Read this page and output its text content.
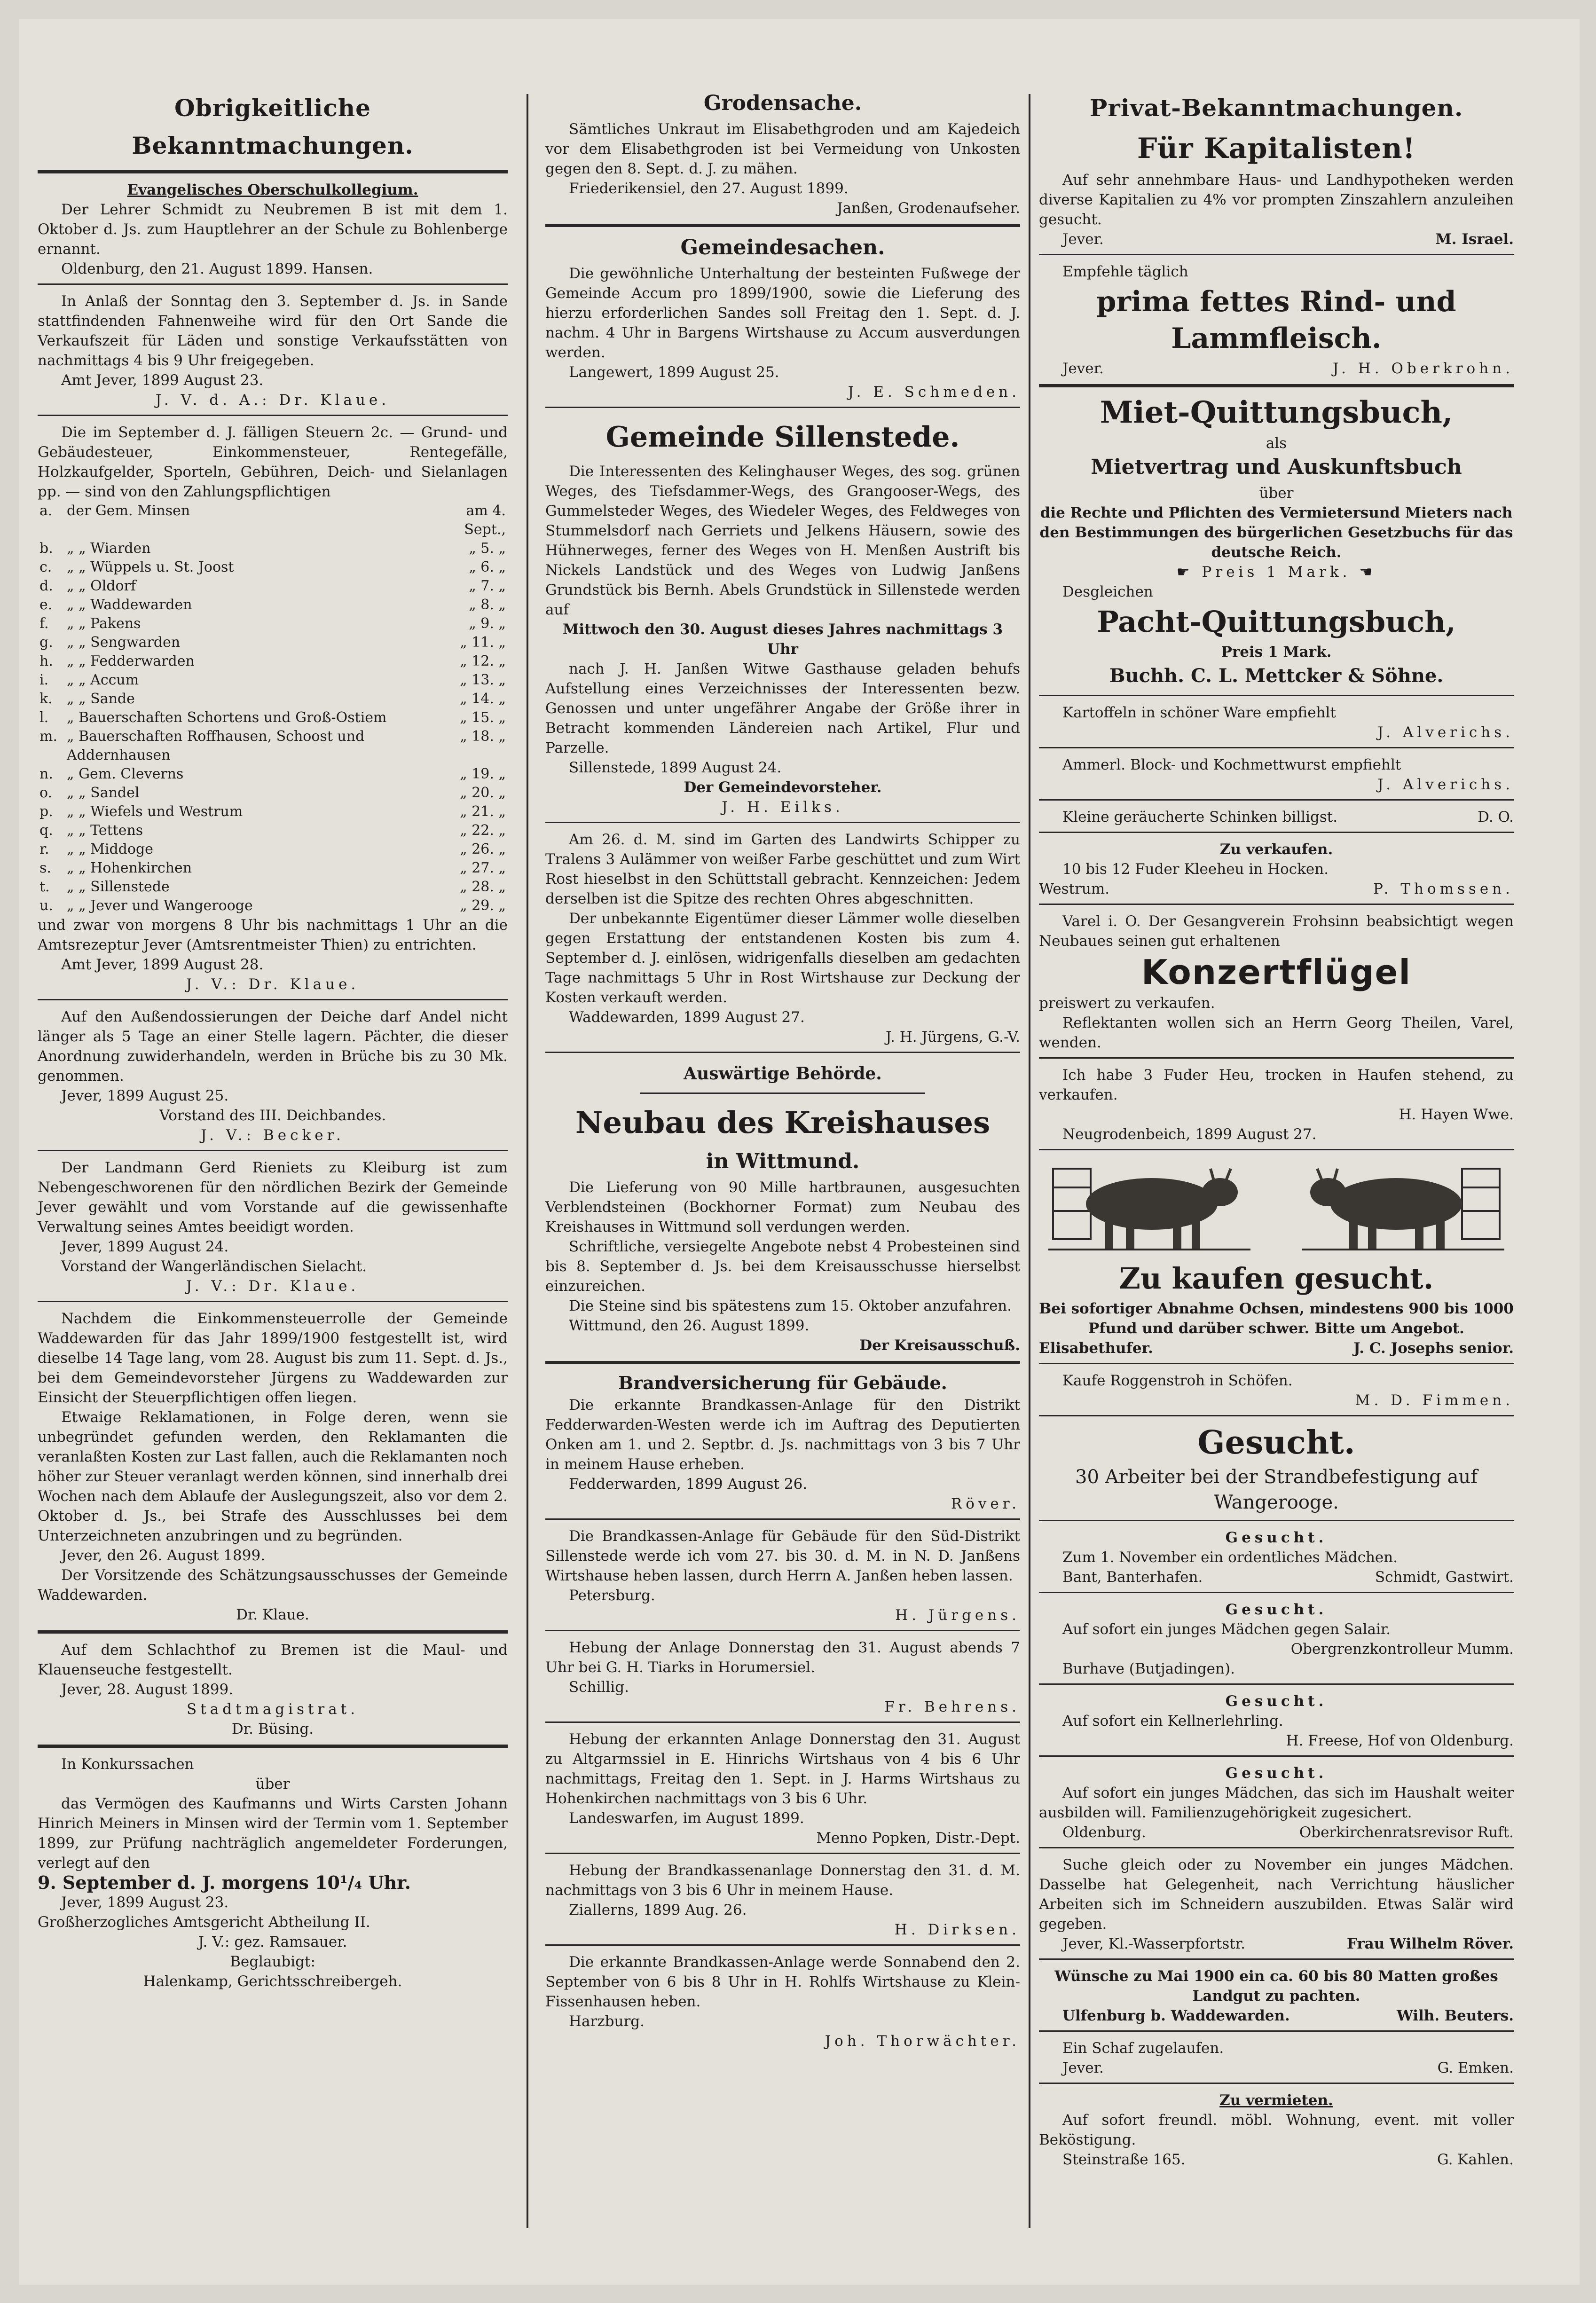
Obrigkeitliche Bekanntmachungen.
Evangelisches Oberschulkollegium.

Der Lehrer Schmidt zu Neubremen B ist mit dem 1. Oktober d. Js. zum Hauptlehrer an der Schule zu Bohlenberge ernannt.

Oldenburg, den 21. August 1899. Hansen.

In Anlaß der Sonntag den 3. September d. Js. in Sande stattfindenden Fahnenweihe wird für den Ort Sande die Verkaufszeit für Läden und sonstige Verkaufsstätten von nachmittags 4 bis 9 Uhr freigegeben.

Amt Jever, 1899 August 23.

J. V. d. A.: Dr. Klaue.

Die im September d. J. fälligen Steuern 2c. — Grund- und Gebäudesteuer, Einkommensteuer, Rentegefälle, Holzkaufgelder, Sporteln, Gebühren, Deich- und Sielanlagen pp. — sind von den Zahlungspflichtigen

a.	der Gem. Minsen	am 4. Sept.,
b.	„ „ Wiarden	„ 5. „
c.	„ „ Wüppels u. St. Joost	„ 6. „
d.	„ „ Oldorf	„ 7. „
e.	„ „ Waddewarden	„ 8. „
f.	„ „ Pakens	„ 9. „
g.	„ „ Sengwarden	„ 11. „
h.	„ „ Fedderwarden	„ 12. „
i.	„ „ Accum	„ 13. „
k.	„ „ Sande	„ 14. „
l.	„ Bauerschaften Schortens und Groß-Ostiem	„ 15. „
m.	„ Bauerschaften Roffhausen, Schoost und Addernhausen	„ 18. „
n.	„ Gem. Cleverns	„ 19. „
o.	„ „ Sandel	„ 20. „
p.	„ „ Wiefels und Westrum	„ 21. „
q.	„ „ Tettens	„ 22. „
r.	„ „ Middoge	„ 26. „
s.	„ „ Hohenkirchen	„ 27. „
t.	„ „ Sillenstede	„ 28. „
u.	„ „ Jever und Wangerooge	„ 29. „

und zwar von morgens 8 Uhr bis nachmittags 1 Uhr an die Amtsrezeptur Jever (Amtsrentmeister Thien) zu entrichten.

Amt Jever, 1899 August 28.

J. V.: Dr. Klaue.

Auf den Außendossierungen der Deiche darf Andel nicht länger als 5 Tage an einer Stelle lagern. Pächter, die dieser Anordnung zuwiderhandeln, werden in Brüche bis zu 30 Mk. genommen.

Jever, 1899 August 25.

Vorstand des III. Deichbandes.
J. V.: Becker.

Der Landmann Gerd Rieniets zu Kleiburg ist zum Nebengeschworenen für den nördlichen Bezirk der Gemeinde Jever gewählt und vom Vorstande auf die gewissenhafte Verwaltung seines Amtes beeidigt worden.

Jever, 1899 August 24.

Vorstand der Wangerländischen Sielacht.

J. V.: Dr. Klaue.

Nachdem die Einkommensteuerrolle der Gemeinde Waddewarden für das Jahr 1899/1900 festgestellt ist, wird dieselbe 14 Tage lang, vom 28. August bis zum 11. Sept. d. Js., bei dem Gemeindevorsteher Jürgens zu Waddewarden zur Einsicht der Steuerpflichtigen offen liegen.

Etwaige Reklamationen, in Folge deren, wenn sie unbegründet gefunden werden, den Reklamanten die veranlaßten Kosten zur Last fallen, auch die Reklamanten noch höher zur Steuer veranlagt werden können, sind innerhalb drei Wochen nach dem Ablaufe der Auslegungszeit, also vor dem 2. Oktober d. Js., bei Strafe des Ausschlusses bei dem Unterzeichneten anzubringen und zu begründen.

Jever, den 26. August 1899.

Der Vorsitzende des Schätzungsausschusses der Gemeinde Waddewarden.

Dr. Klaue.

Auf dem Schlachthof zu Bremen ist die Maul- und Klauenseuche festgestellt.

Jever, 28. August 1899.

Stadtmagistrat.
Dr. Büsing.

In Konkurssachen

über

das Vermögen des Kaufmanns und Wirts Carsten Johann Hinrich Meiners in Minsen wird der Termin vom 1. September 1899, zur Prüfung nachträglich angemeldeter Forderungen, verlegt auf den

9. September d. J. morgens 10¹/₄ Uhr.

Jever, 1899 August 23.

Großherzogliches Amtsgericht Abtheilung II.
J. V.: gez. Ramsauer.
Beglaubigt:
Halenkamp, Gerichtsschreibergeh.
Grodensache.

Sämtliches Unkraut im Elisabethgroden und am Kajedeich vor dem Elisabethgroden ist bei Vermeidung von Unkosten gegen den 8. Sept. d. J. zu mähen.

Friederikensiel, den 27. August 1899.

Janßen, Grodenaufseher.
Gemeindesachen.

Die gewöhnliche Unterhaltung der besteinten Fußwege der Gemeinde Accum pro 1899/1900, sowie die Lieferung des hierzu erforderlichen Sandes soll Freitag den 1. Sept. d. J. nachm. 4 Uhr in Bargens Wirtshause zu Accum ausverdungen werden.

Langewert, 1899 August 25.

J. E. Schmeden.
Gemeinde Sillenstede.

Die Interessenten des Kelinghauser Weges, des sog. grünen Weges, des Tiefsdammer-Wegs, des Grangooser-Wegs, des Gummelsteder Weges, des Wiedeler Weges, des Feldweges von Stummelsdorf nach Gerriets und Jelkens Häusern, sowie des Hühnerweges, ferner des Weges von H. Menßen Austrift bis Nickels Landstück und des Weges von Ludwig Janßens Grundstück bis Bernh. Abels Grundstück in Sillenstede werden auf

Mittwoch den 30. August dieses Jahres nachmittags 3 Uhr

nach J. H. Janßen Witwe Gasthause geladen behufs Aufstellung eines Verzeichnisses der Interessenten bezw. Genossen und unter ungefährer Angabe der Größe ihrer in Betracht kommenden Ländereien nach Artikel, Flur und Parzelle.

Sillenstede, 1899 August 24.

Der Gemeindevorsteher.
J. H. Eilks.

Am 26. d. M. sind im Garten des Landwirts Schipper zu Tralens 3 Aulämmer von weißer Farbe geschüttet und zum Wirt Rost hieselbst in den Schüttstall gebracht. Kennzeichen: Jedem derselben ist die Spitze des rechten Ohres abgeschnitten.

Der unbekannte Eigentümer dieser Lämmer wolle dieselben gegen Erstattung der entstandenen Kosten bis zum 4. September d. J. einlösen, widrigenfalls dieselben am gedachten Tage nachmittags 5 Uhr in Rost Wirtshause zur Deckung der Kosten verkauft werden.

Waddewarden, 1899 August 27.

J. H. Jürgens, G.-V.
Auswärtige Behörde.
Neubau des Kreishauses
in Wittmund.

Die Lieferung von 90 Mille hartbraunen, ausgesuchten Verblendsteinen (Bockhorner Format) zum Neubau des Kreishauses in Wittmund soll verdungen werden.

Schriftliche, versiegelte Angebote nebst 4 Probesteinen sind bis 8. September d. Js. bei dem Kreisausschusse hierselbst einzureichen.

Die Steine sind bis spätestens zum 15. Oktober anzufahren.

Wittmund, den 26. August 1899.

Der Kreisausschuß.
Brandversicherung für Gebäude.

Die erkannte Brandkassen-Anlage für den Distrikt Fedderwarden-Westen werde ich im Auftrag des Deputierten Onken am 1. und 2. Septbr. d. Js. nachmittags von 3 bis 7 Uhr in meinem Hause erheben.

Fedderwarden, 1899 August 26.

Röver.

Die Brandkassen-Anlage für Gebäude für den Süd-Distrikt Sillenstede werde ich vom 27. bis 30. d. M. in N. D. Janßens Wirtshause heben lassen, durch Herrn A. Janßen heben lassen.

Petersburg.

H. Jürgens.

Hebung der Anlage Donnerstag den 31. August abends 7 Uhr bei G. H. Tiarks in Horumersiel.

Schillig.

Fr. Behrens.

Hebung der erkannten Anlage Donnerstag den 31. August zu Altgarmssiel in E. Hinrichs Wirtshaus von 4 bis 6 Uhr nachmittags, Freitag den 1. Sept. in J. Harms Wirtshaus zu Hohenkirchen nachmittags von 3 bis 6 Uhr.

Landeswarfen, im August 1899.

Menno Popken, Distr.-Dept.

Hebung der Brandkassenanlage Donnerstag den 31. d. M. nachmittags von 3 bis 6 Uhr in meinem Hause.

Ziallerns, 1899 Aug. 26.

H. Dirksen.

Die erkannte Brandkassen-Anlage werde Sonnabend den 2. September von 6 bis 8 Uhr in H. Rohlfs Wirtshause zu Klein-Fissenhausen heben.

Harzburg.

Joh. Thorwächter.
Privat-Bekanntmachungen.
Für Kapitalisten!

Auf sehr annehmbare Haus- und Landhypotheken werden diverse Kapitalien zu 4% vor prompten Zinszahlern anzuleihen gesucht.

Jever.	M. Israel.

Empfehle täglich

prima fettes Rind- und Lammfleisch.
Jever.	J. H. Oberkrohn.
Miet-Quittungsbuch,
als
Mietvertrag und Auskunftsbuch
über
die Rechte und Pflichten des Vermietersund Mieters nach den Bestimmungen des bürgerlichen Gesetzbuchs für das deutsche Reich.
☛ Preis 1 Mark. ☚

Desgleichen

Pacht-Quittungsbuch,
Preis 1 Mark.
Buchh. C. L. Mettcker & Söhne.

Kartoffeln in schöner Ware empfiehlt

J. Alverichs.

Ammerl. Block- und Kochmettwurst empfiehlt

J. Alverichs.
Kleine geräucherte Schinken billigst.	D. O.
Zu verkaufen.

10 bis 12 Fuder Kleeheu in Hocken.

Westrum.	P. Thomssen.

Varel i. O. Der Gesangverein Frohsinn beabsichtigt wegen Neubaues seinen gut erhaltenen

Konzertflügel

preiswert zu verkaufen.

Reflektanten wollen sich an Herrn Georg Theilen, Varel, wenden.

Ich habe 3 Fuder Heu, trocken in Haufen stehend, zu verkaufen.

H. Hayen Wwe.

Neugrodenbeich, 1899 August 27.

Zu kaufen gesucht.
Bei sofortiger Abnahme Ochsen, mindestens 900 bis 1000 Pfund und darüber schwer. Bitte um Angebot.
Elisabethufer.	J. C. Josephs senior.

Kaufe Roggenstroh in Schöfen.

M. D. Fimmen.
Gesucht.
30 Arbeiter bei der Strandbefestigung auf Wangerooge.
Gesucht.

Zum 1. November ein ordentliches Mädchen.

Bant, Banterhafen.	Schmidt, Gastwirt.
Gesucht.

Auf sofort ein junges Mädchen gegen Salair.

Obergrenzkontrolleur Mumm.

Burhave (Butjadingen).

Gesucht.

Auf sofort ein Kellnerlehrling.

H. Freese, Hof von Oldenburg.
Gesucht.

Auf sofort ein junges Mädchen, das sich im Haushalt weiter ausbilden will. Familienzugehörigkeit zugesichert.

Oldenburg.	Oberkirchenratsrevisor Ruft.

Suche gleich oder zu November ein junges Mädchen. Dasselbe hat Gelegenheit, nach Verrichtung häuslicher Arbeiten sich im Schneidern auszubilden. Etwas Salär wird gegeben.

Jever, Kl.-Wasserpfortstr.	Frau Wilhelm Röver.
Wünsche zu Mai 1900 ein ca. 60 bis 80 Matten großes Landgut zu pachten.
Ulfenburg b. Waddewarden.	Wilh. Beuters.

Ein Schaf zugelaufen.

Jever.	G. Emken.
Zu vermieten.

Auf sofort freundl. möbl. Wohnung, event. mit voller Beköstigung.

Steinstraße 165.	G. Kahlen.
